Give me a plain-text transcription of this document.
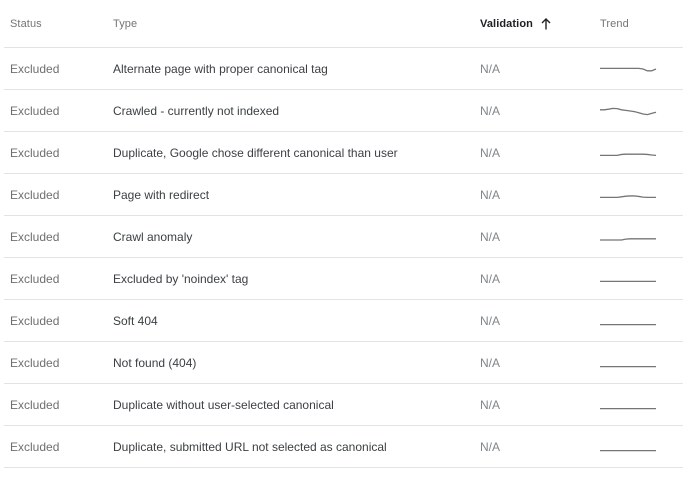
Status	Type	Validation	Trend
Excluded	Alternate page with proper canonical tag	N/A
Excluded	Crawled - currently not indexed	N/A
Excluded	Duplicate, Google chose different canonical than user	N/A
Excluded	Page with redirect	N/A
Excluded	Crawl anomaly	N/A
Excluded	Excluded by 'noindex' tag	N/A
Excluded	Soft 404	N/A
Excluded	Not found (404)	N/A
Excluded	Duplicate without user-selected canonical	N/A
Excluded	Duplicate, submitted URL not selected as canonical	N/A
